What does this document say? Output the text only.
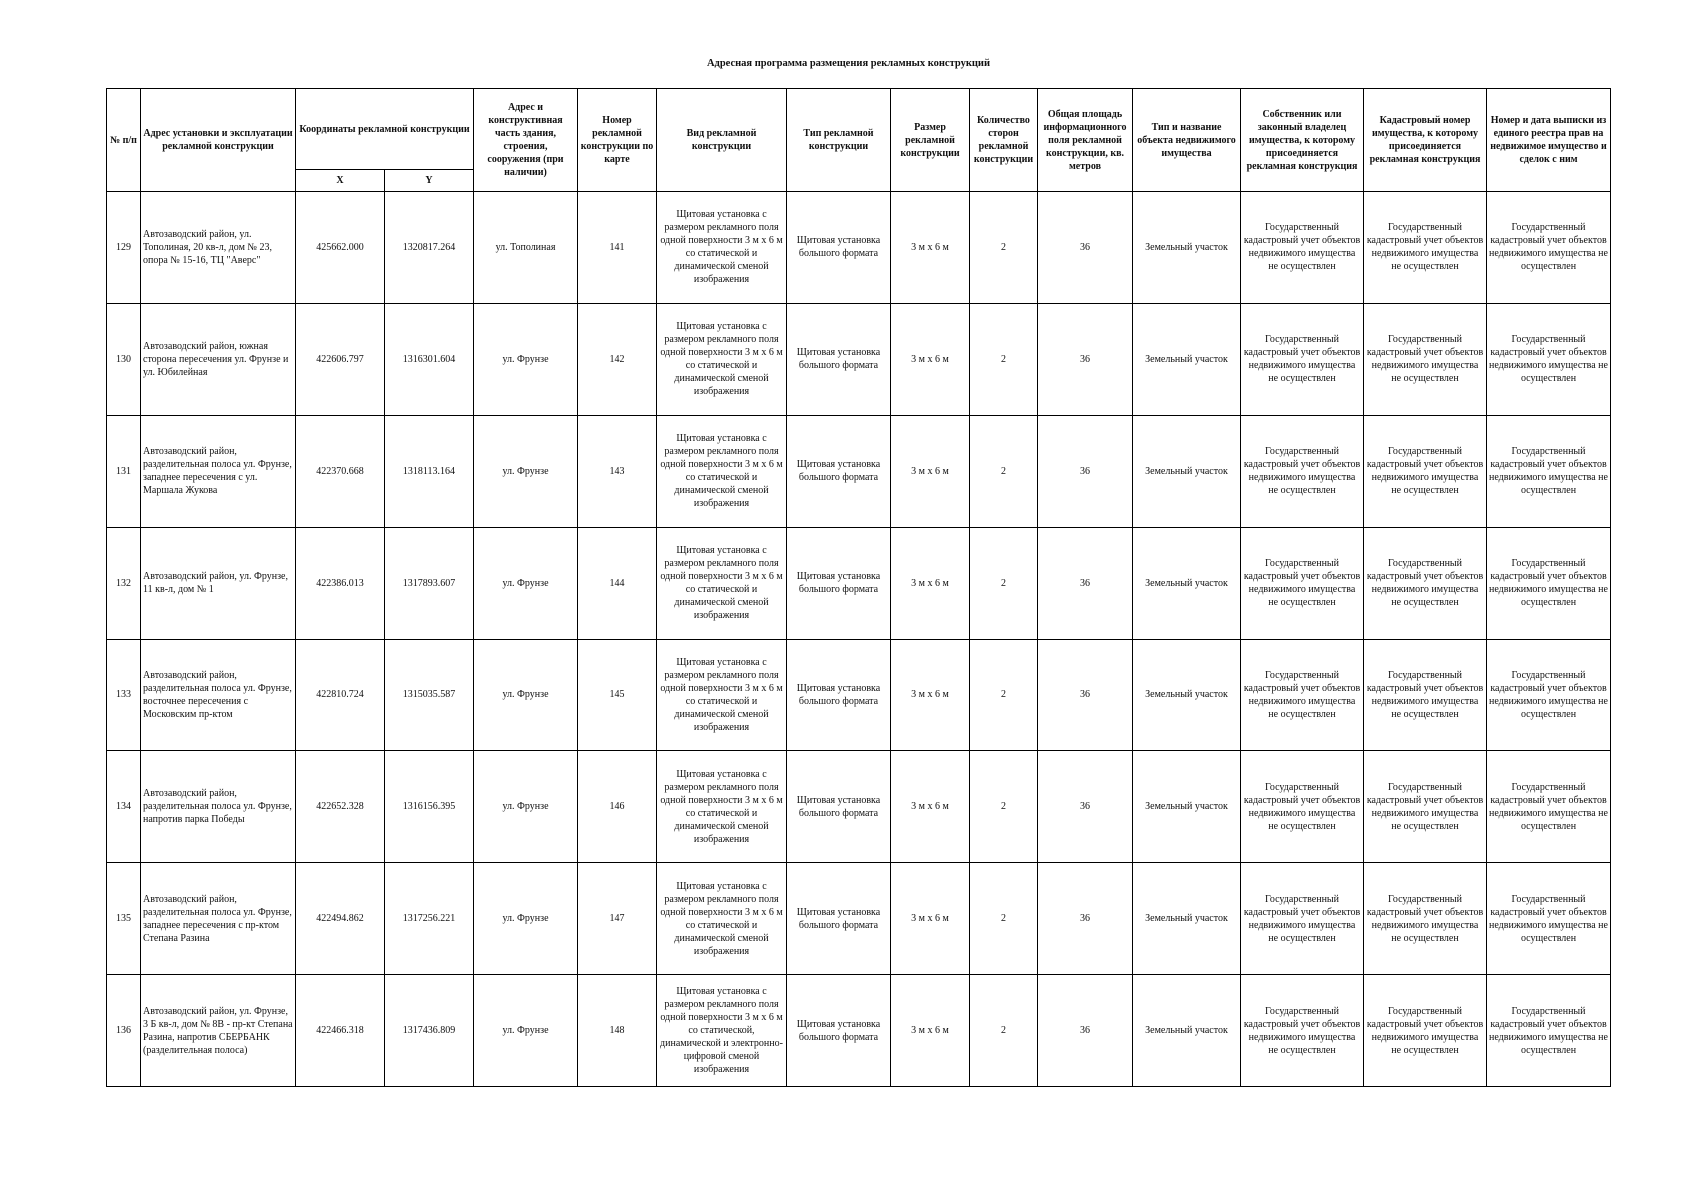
Адресная программа размещения рекламных конструкций
№ п/п	Адрес установки и эксплуатации рекламной конструкции	Координаты рекламной конструкции		Адрес и конструктивная часть здания, строения, сооружения (при наличии)	Номер рекламной конструкции по карте	Вид рекламной конструкции	Тип рекламной конструкции	Размер рекламной конструкции	Количество сторон рекламной конструкции	Общая площадь информационного поля рекламной конструкции, кв. метров	Тип и название объекта недвижимого имущества	Собственник или законный владелец имущества, к которому присоединяется рекламная конструкция	Кадастровый номер имущества, к которому присоединяется рекламная конструкция	Номер и дата выписки из единого реестра прав на недвижимое имущество и сделок с ним
		X	Y											
129	Автозаводский район, ул. Тополиная, 20 кв-л, дом № 23, опора № 15-16, ТЦ "Аверс"	425662.000	1320817.264	ул. Тополиная	141	Щитовая установка с размером рекламного поля одной поверхности 3 м х 6 м со статической и динамической сменой изображения	Щитовая установка большого формата	3 м х 6 м	2	36	Земельный участок	Государственный кадастровый учет объектов недвижимого имущества не осуществлен	Государственный кадастровый учет объектов недвижимого имущества не осуществлен	Государственный кадастровый учет объектов недвижимого имущества не осуществлен
130	Автозаводский район, южная сторона пересечения ул. Фрунзе и ул. Юбилейная	422606.797	1316301.604	ул. Фрунзе	142	Щитовая установка с размером рекламного поля одной поверхности 3 м х 6 м со статической и динамической сменой изображения	Щитовая установка большого формата	3 м х 6 м	2	36	Земельный участок	Государственный кадастровый учет объектов недвижимого имущества не осуществлен	Государственный кадастровый учет объектов недвижимого имущества не осуществлен	Государственный кадастровый учет объектов недвижимого имущества не осуществлен
131	Автозаводский район, разделительная полоса ул. Фрунзе, западнее пересечения с ул. Маршала Жукова	422370.668	1318113.164	ул. Фрунзе	143	Щитовая установка с размером рекламного поля одной поверхности 3 м х 6 м со статической и динамической сменой изображения	Щитовая установка большого формата	3 м х 6 м	2	36	Земельный участок	Государственный кадастровый учет объектов недвижимого имущества не осуществлен	Государственный кадастровый учет объектов недвижимого имущества не осуществлен	Государственный кадастровый учет объектов недвижимого имущества не осуществлен
132	Автозаводский район, ул. Фрунзе, 11 кв-л, дом № 1	422386.013	1317893.607	ул. Фрунзе	144	Щитовая установка с размером рекламного поля одной поверхности 3 м х 6 м со статической и динамической сменой изображения	Щитовая установка большого формата	3 м х 6 м	2	36	Земельный участок	Государственный кадастровый учет объектов недвижимого имущества не осуществлен	Государственный кадастровый учет объектов недвижимого имущества не осуществлен	Государственный кадастровый учет объектов недвижимого имущества не осуществлен
133	Автозаводский район, разделительная полоса ул. Фрунзе, восточнее пересечения с Московским пр-ктом	422810.724	1315035.587	ул. Фрунзе	145	Щитовая установка с размером рекламного поля одной поверхности 3 м х 6 м со статической и динамической сменой изображения	Щитовая установка большого формата	3 м х 6 м	2	36	Земельный участок	Государственный кадастровый учет объектов недвижимого имущества не осуществлен	Государственный кадастровый учет объектов недвижимого имущества не осуществлен	Государственный кадастровый учет объектов недвижимого имущества не осуществлен
134	Автозаводский район, разделительная полоса ул. Фрунзе, напротив парка Победы	422652.328	1316156.395	ул. Фрунзе	146	Щитовая установка с размером рекламного поля одной поверхности 3 м х 6 м со статической и динамической сменой изображения	Щитовая установка большого формата	3 м х 6 м	2	36	Земельный участок	Государственный кадастровый учет объектов недвижимого имущества не осуществлен	Государственный кадастровый учет объектов недвижимого имущества не осуществлен	Государственный кадастровый учет объектов недвижимого имущества не осуществлен
135	Автозаводский район, разделительная полоса ул. Фрунзе, западнее пересечения с пр-ктом Степана Разина	422494.862	1317256.221	ул. Фрунзе	147	Щитовая установка с размером рекламного поля одной поверхности 3 м х 6 м со статической и динамической сменой изображения	Щитовая установка большого формата	3 м х 6 м	2	36	Земельный участок	Государственный кадастровый учет объектов недвижимого имущества не осуществлен	Государственный кадастровый учет объектов недвижимого имущества не осуществлен	Государственный кадастровый учет объектов недвижимого имущества не осуществлен
136	Автозаводский район, ул. Фрунзе, 3 Б кв-л, дом № 8В - пр-кт Степана Разина, напротив СБЕРБАНК (разделительная полоса)	422466.318	1317436.809	ул. Фрунзе	148	Щитовая установка с размером рекламного поля одной поверхности 3 м х 6 м со статической, динамической и электронно-цифровой сменой изображения	Щитовая установка большого формата	3 м х 6 м	2	36	Земельный участок	Государственный кадастровый учет объектов недвижимого имущества не осуществлен	Государственный кадастровый учет объектов недвижимого имущества не осуществлен	Государственный кадастровый учет объектов недвижимого имущества не осуществлен
